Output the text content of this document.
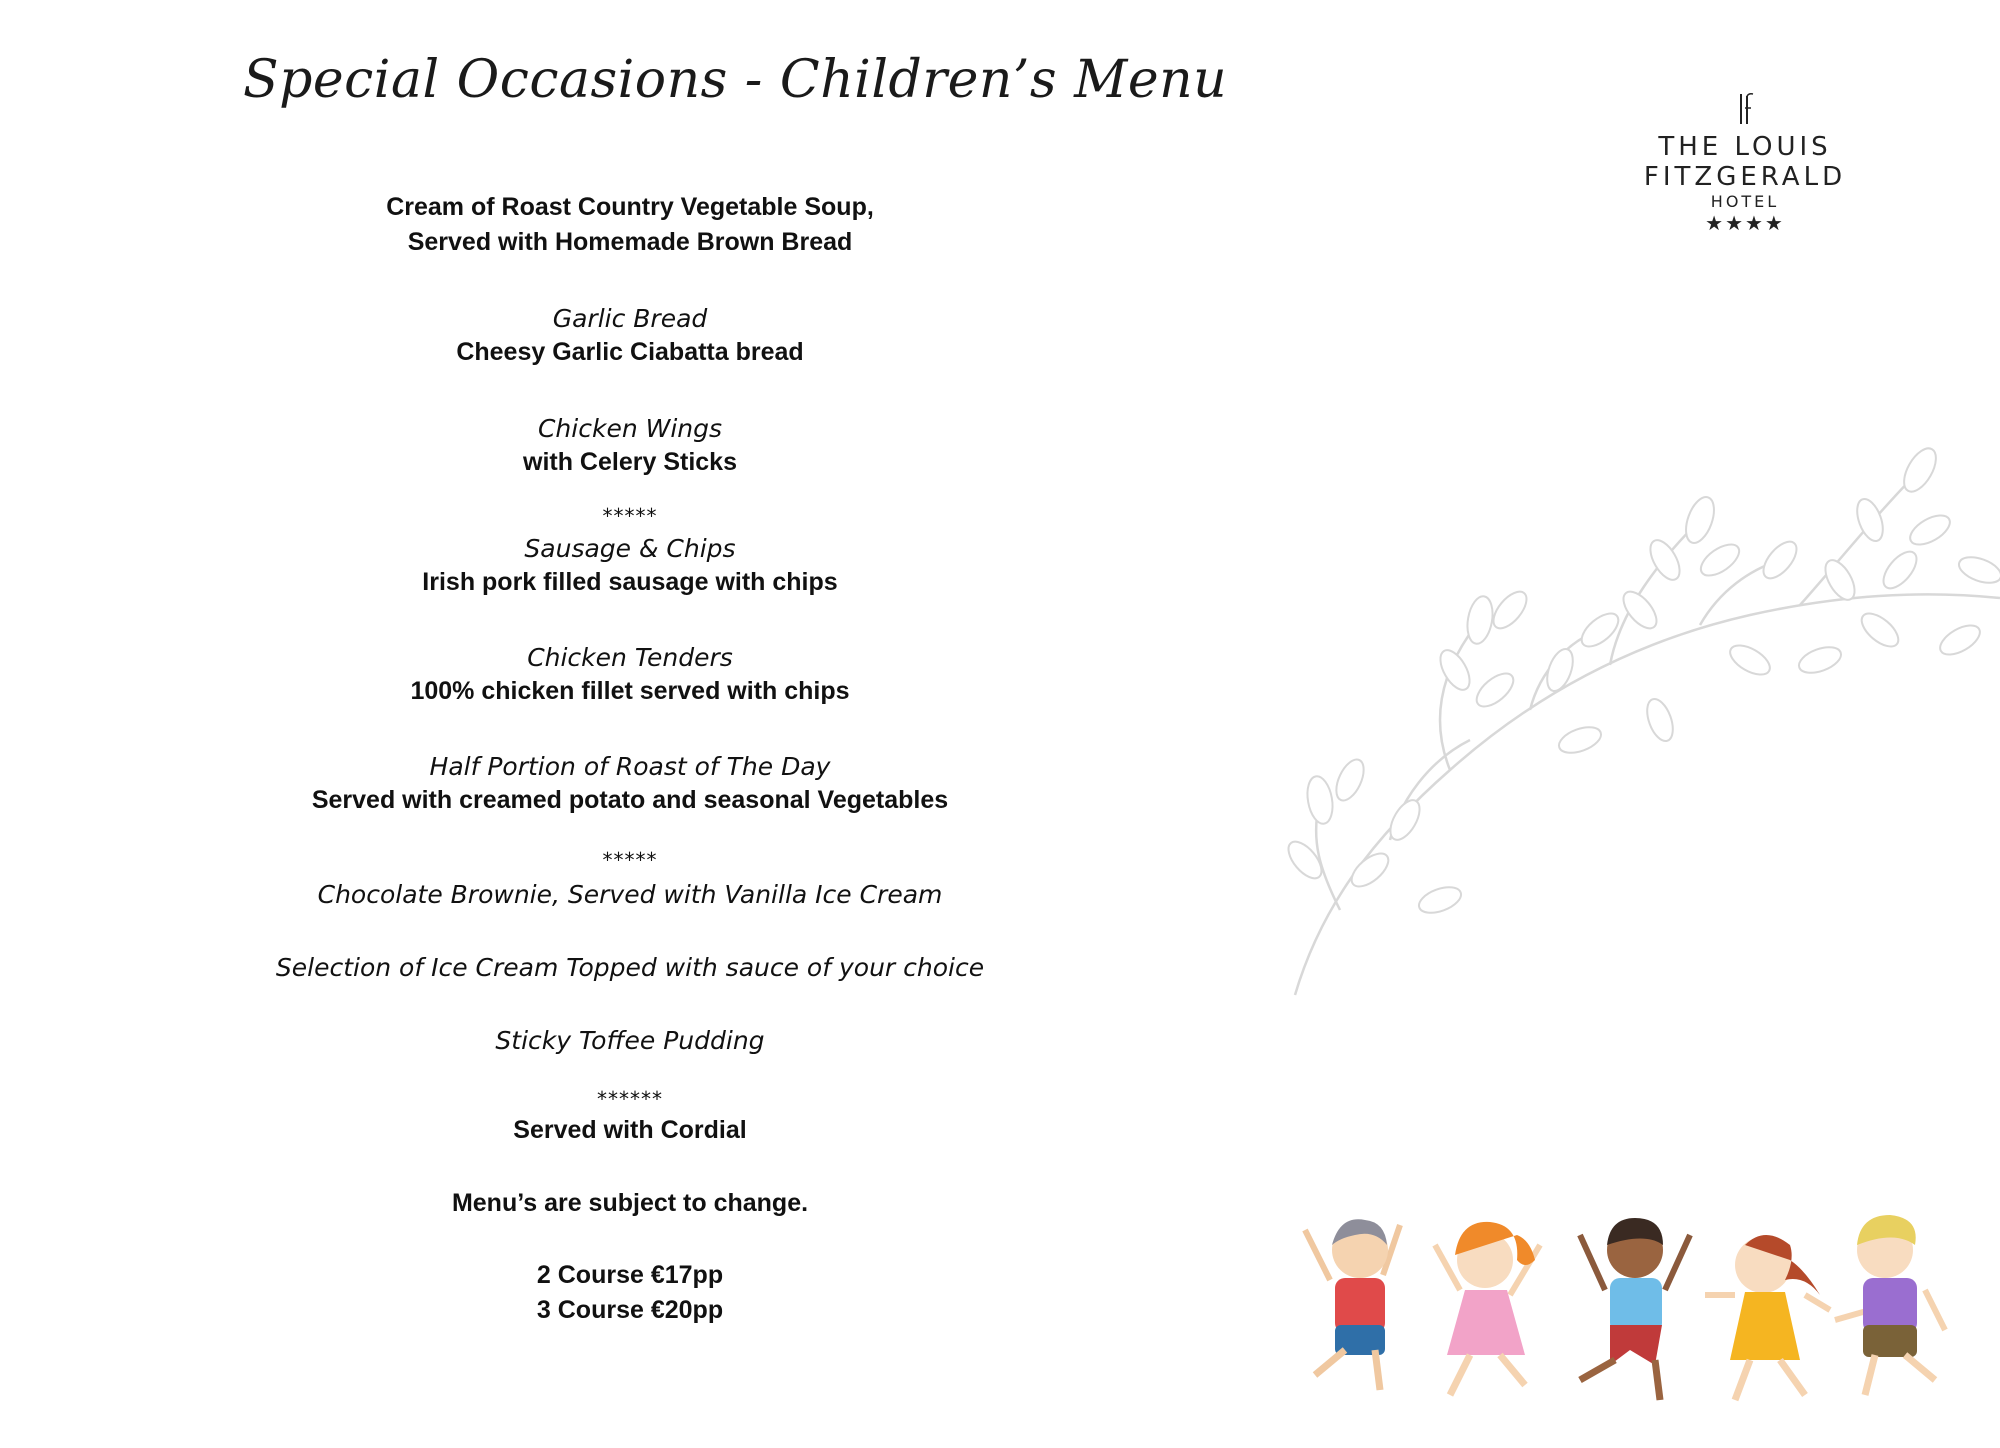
Special Occasions - Children’s Menu
THE LOUIS FITZGERALD
HOTEL
★★★★
Cream of Roast Country Vegetable Soup,
Served with Homemade Brown Bread
Garlic Bread
Cheesy Garlic Ciabatta bread
Chicken Wings
with Celery Sticks
*****
Sausage & Chips
Irish pork filled sausage with chips
Chicken Tenders
100% chicken fillet served with chips
Half Portion of Roast of The Day
Served with creamed potato and seasonal Vegetables
*****
Chocolate Brownie, Served with Vanilla Ice Cream
Selection of Ice Cream Topped with sauce of your choice
Sticky Toffee Pudding
******
Served with Cordial
Menu’s are subject to change.
2 Course €17pp
3 Course €20pp
